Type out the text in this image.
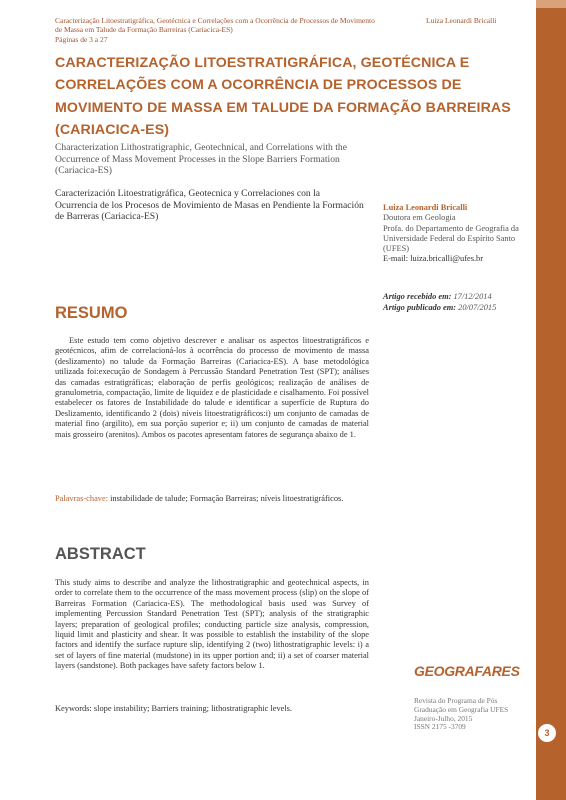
Caracterização Litoestratigráfica, Geotécnica e Correlações com a Ocorrência de Processos de Movimento de Massa em Talude da Formação Barreiras (Cariacica-ES)
Páginas de 3 a 27
Luiza Leonardi Bricalli
CARACTERIZAÇÃO LITOESTRATIGRÁFICA, GEOTÉCNICA E CORRELAÇÕES COM A OCORRÊNCIA DE PROCESSOS DE MOVIMENTO DE MASSA EM TALUDE DA FORMAÇÃO BARREIRAS (CARIACICA-ES)
Characterization Lithostratigraphic, Geotechnical, and Correlations with the Occurrence of Mass Movement Processes in the Slope Barriers Formation (Cariacica-ES)
Caracterización Litoestratigráfica, Geotecnica y Correlaciones con la Ocurrencia de los Procesos de Movimiento de Masas en Pendiente la Formación de Barreras (Cariacica-ES)
Luiza Leonardi Bricalli
Doutora em Geologia
Profa. do Departamento de Geografia da Universidade Federal do Espírito Santo (UFES)
E-mail: luiza.bricalli@ufes.br
Artigo recebido em: 17/12/2014
Artigo publicado em: 20/07/2015
RESUMO
Este estudo tem como objetivo descrever e analisar os aspectos litoestratigráficos e geotécnicos, afim de correlacioná-los à ocorrência do processo de movimento de massa (deslizamento) no talude da Formação Barreiras (Cariacica-ES). A base metodológica utilizada foi:execução de Sondagem à Percussão Standard Penetration Test (SPT); análises das camadas estratigráficas; elaboração de perfis geológicos; realização de análises de granulometria, compactação, limite de liquidez e de plasticidade e cisalhamento. Foi possível estabelecer os fatores de Instabilidade do talude e identificar a superfície de Ruptura do Deslizamento, identificando 2 (dois) níveis litoestratigráficos:i) um conjunto de camadas de material fino (argilito), em sua porção superior e; ii) um conjunto de camadas de material mais grosseiro (arenitos). Ambos os pacotes apresentam fatores de segurança abaixo de 1.
Palavras-chave: instabilidade de talude; Formação Barreiras; níveis litoestratigráficos.
ABSTRACT
This study aims to describe and analyze the lithostratigraphic and geotechnical aspects, in order to correlate them to the occurrence of the mass movement process (slip) on the slope of Barreiras Formation (Cariacica-ES). The methodological basis used was Survey of implementing Percussion Standard Penetration Test (SPT); analysis of the stratigraphic layers; preparation of geological profiles; conducting particle size analysis, compression, liquid limit and plasticity and shear. It was possible to establish the instability of the slope factors and identify the surface rupture slip, identifying 2 (two) lithostratigraphic levels: i) a set of layers of fine material (mudstone) in its upper portion and; ii) a set of coarser material layers (sandstone). Both packages have safety factors below 1.
Keywords: slope instability; Barriers training; lithostratigraphic levels.
GEOGRAFARES
Revista do Programa de Pós Graduação em Geografia UFES
Janeiro-Julho, 2015
ISSN 2175 -3709
3
